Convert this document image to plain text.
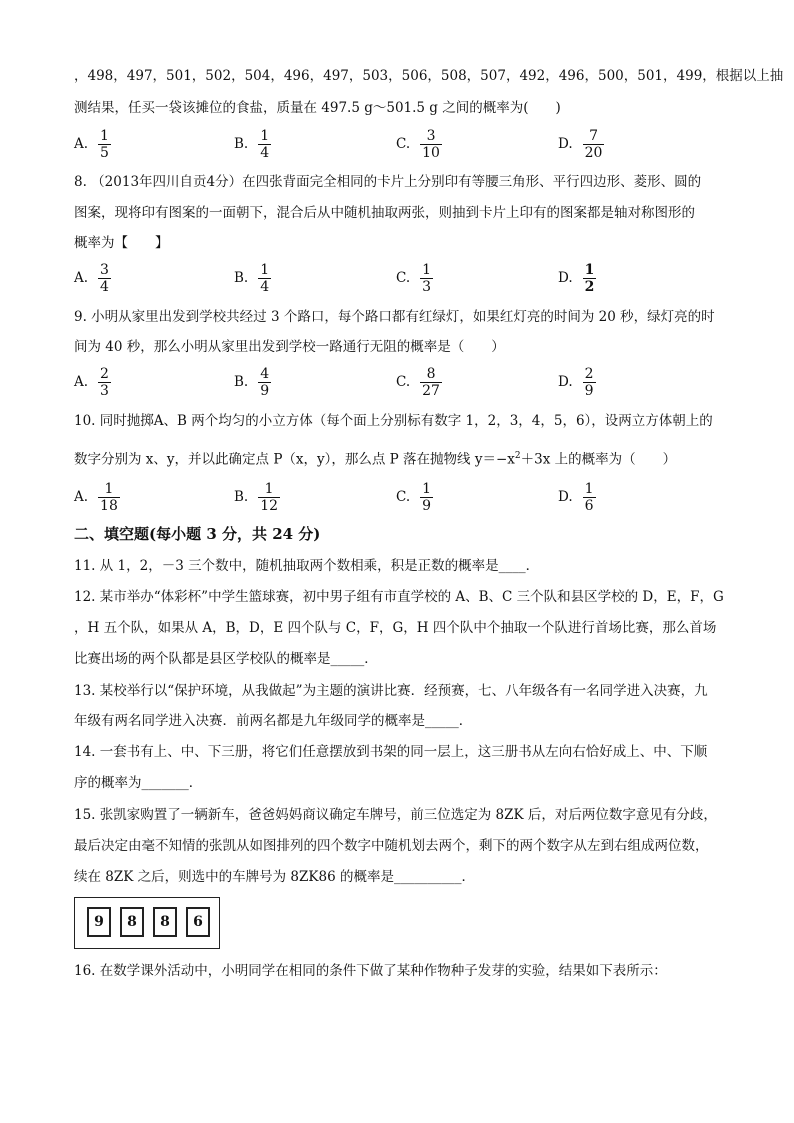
，498，497，501，502，504，496，497，503，506，508，507，492，496，500，501，499，根据以上抽
测结果，任买一袋该摊位的食盐，质量在 497.5 g～501.5 g 之间的概率为(　　)
A. $\frac{1}{5}$	B. $\frac{1}{4}$	C. $\frac{3}{10}$	D. $\frac{7}{20}$
8. （2013年四川自贡4分）在四张背面完全相同的卡片上分别印有等腰三角形、平行四边形、菱形、圆的
图案，现将印有图案的一面朝下，混合后从中随机抽取两张，则抽到卡片上印有的图案都是轴对称图形的
概率为【　　】
A. $\frac{3}{4}$	B. $\frac{1}{4}$	C. $\frac{1}{3}$	D. $\frac{1}{2}$
9. 小明从家里出发到学校共经过 3 个路口，每个路口都有红绿灯，如果红灯亮的时间为 20 秒，绿灯亮的时
间为 40 秒，那么小明从家里出发到学校一路通行无阻的概率是（　　）
A. $\frac{2}{3}$	B. $\frac{4}{9}$	C. $\frac{8}{27}$	D. $\frac{2}{9}$
10. 同时抛掷A、B 两个均匀的小立方体（每个面上分别标有数字 1，2，3，4，5，6），设两立方体朝上的
数字分别为 x、y，并以此确定点 P（x，y），那么点 P 落在抛物线 $y=-x^2+3x$ 上的概率为（　　）
A. $\frac{1}{18}$	B. $\frac{1}{12}$	C. $\frac{1}{9}$	D. $\frac{1}{6}$
二、填空题(每小题 3 分，共 24 分)
11. 从 1，2，－3 三个数中，随机抽取两个数相乘，积是正数的概率是____．
12. 某市举办“体彩杯”中学生篮球赛，初中男子组有市直学校的 A、B、C 三个队和县区学校的 D，E，F，G
，H 五个队，如果从 A，B，D，E 四个队与 C，F，G，H 四个队中个抽取一个队进行首场比赛，那么首场
比赛出场的两个队都是县区学校队的概率是_____．
13. 某校举行以“保护环境，从我做起”为主题的演讲比赛．经预赛，七、八年级各有一名同学进入决赛，九
年级有两名同学进入决赛．前两名都是九年级同学的概率是_____．
14. 一套书有上、中、下三册，将它们任意摆放到书架的同一层上，这三册书从左向右恰好成上、中、下顺
序的概率为_______．
15. 张凯家购置了一辆新车，爸爸妈妈商议确定车牌号，前三位选定为 8ZK 后，对后两位数字意见有分歧，
最后决定由毫不知情的张凯从如图排列的四个数字中随机划去两个，剩下的两个数字从左到右组成两位数，
续在 8ZK 之后，则选中的车牌号为 8ZK86 的概率是__________．
9	8	8	6
16. 在数学课外活动中，小明同学在相同的条件下做了某种作物种子发芽的实验，结果如下表所示：
